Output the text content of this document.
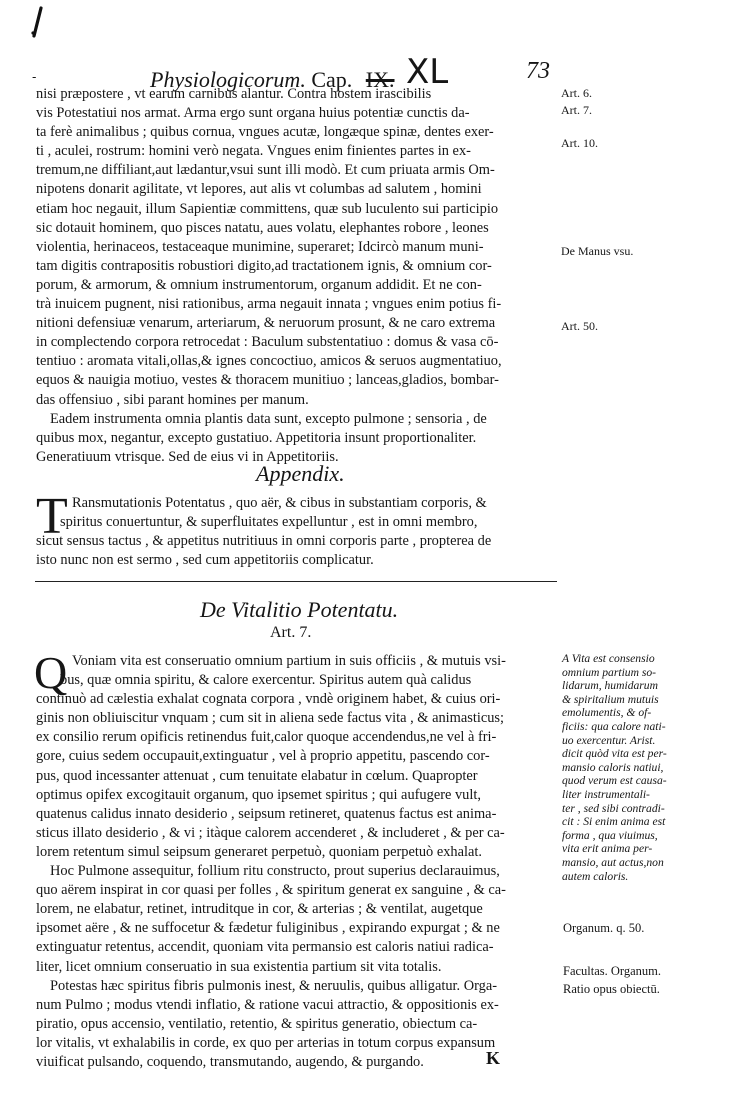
-	Physiologicorum. Cap. IX. XL	73
nisi præpostere , vt earum carnibus alantur. Contra hostem irascibilis
vis Potestatiui nos armat. Arma ergo sunt organa huius potentiæ cunctis da-
ta ferè animalibus ; quibus cornua, vngues acutæ, longæque spinæ, dentes exer-
ti , aculei, rostrum: homini verò negata. Vngues enim finientes partes in ex-
tremum,ne diffiliant,aut lædantur,vsui sunt illi modò. Et cum priuata armis Om-
nipotens donarit agilitate, vt lepores, aut alis vt columbas ad salutem , homini
etiam hoc negauit, illum Sapientiæ committens, quæ sub luculento sui participio
sic dotauit hominem, quo pisces natatu, aues volatu, elephantes robore , leones
violentia, herinaceos, testaceaque munimine, superaret; Idcircò manum muni-
tam digitis contrapositis robustiori digito,ad tractationem ignis, & omnium cor-
porum, & armorum, & omnium instrumentorum, organum addidit. Et ne con-
trà inuicem pugnent, nisi rationibus, arma negauit innata ; vngues enim potius fi-
nitioni defensiuæ venarum, arteriarum, & neruorum prosunt, & ne caro extrema
in complectendo corpora retrocedat : Baculum substentatiuo : domus & vasa cō-
tentiuo : aromata vitali,ollas,& ignes concoctiuo, amicos & seruos augmentatiuo,
equos & nauigia motiuo, vestes & thoracem munitiuo ; lanceas,gladios, bombar-
das offensiuo , sibi parant homines per manum.
Eadem instrumenta omnia plantis data sunt, excepto pulmone ; sensoria , de
quibus mox, negantur, excepto gustatiuo. Appetitoria insunt proportionaliter.
Generatiuum vtrisque. Sed de eius vi in Appetitoriis.
Art. 6.
Art. 7.
Art. 10.
De Manus vsu.
Art. 50.
Appendix.
T Ransmutationis Potentatus , quo aër, & cibus in substantiam corporis, &
spiritus conuertuntur, & superfluitates expelluntur , est in omni membro,
sicut sensus tactus , & appetitus nutritiuus in omni corporis parte , propterea de
isto nunc non est sermo , sed cum appetitoriis complicatur.
De Vitalitio Potentatu.
Art. 7.
Q Voniam vita est conseruatio omnium partium in suis officiis , & mutuis vsi-
bus, quæ omnia spiritu, & calore exercentur. Spiritus autem quà calidus
continuò ad cælestia exhalat cognata corpora , vndè originem habet, & cuius ori-
ginis non obliuiscitur vnquam ; cum sit in aliena sede factus vita , & animasticus;
ex consilio rerum opificis retinendus fuit,calor quoque accendendus,ne vel à fri-
gore, cuius sedem occupauit,extinguatur , vel à proprio appetitu, pascendo cor-
pus, quod incessanter attenuat , cum tenuitate elabatur in cœlum. Quapropter
optimus opifex excogitauit organum, quo ipsemet spiritus ; qui aufugere vult,
quatenus calidus innato desiderio , seipsum retineret, quatenus factus est anima-
sticus illato desiderio , & vi ; itàque calorem accenderet , & includeret , & per ca-
lorem retentum simul seipsum generaret perpetuò, quoniam perpetuò exhalat.
Hoc Pulmone assequitur, follium ritu constructo, prout superius declarauimus,
quo aërem inspirat in cor quasi per folles , & spiritum generat ex sanguine , & ca-
lorem, ne elabatur, retinet, intruditque in cor, & arterias ; & ventilat, augetque
ipsomet aëre , & ne suffocetur & fædetur fuliginibus , expirando expurgat ; & ne
extinguatur retentus, accendit, quoniam vita permansio est caloris natiui radica-
liter, licet omnium conseruatio in sua existentia partium sit vita totalis.
Potestas hæc spiritus fibris pulmonis inest, & neruulis, quibus alligatur. Orga-
num Pulmo ; modus vtendi inflatio, & ratione vacui attractio, & oppositionis ex-
piratio, opus accensio, ventilatio, retentio, & spiritus generatio, obiectum ca-
lor vitalis, vt exhalabilis in corde, ex quo per arterias in totum corpus expansum
viuificat pulsando, coquendo, transmutando, augendo, & purgando.
A Vita est consensio
omnium partium so-
lidarum, humidarum
& spiritalium mutuis
emolumentis, & of-
ficiis: qua calore nati-
uo exercentur. Arist.
dicit quòd vita est per-
mansio caloris natiui,
quod verum est causa-
liter instrumentali-
ter , sed sibi contradi-
cit : Si enim anima est
forma , qua viuimus,
vita erit anima per-
mansio, aut actus,non
autem caloris.
Organum. q. 50.
Facultas. Organum.
Ratio opus obiectū.
K
